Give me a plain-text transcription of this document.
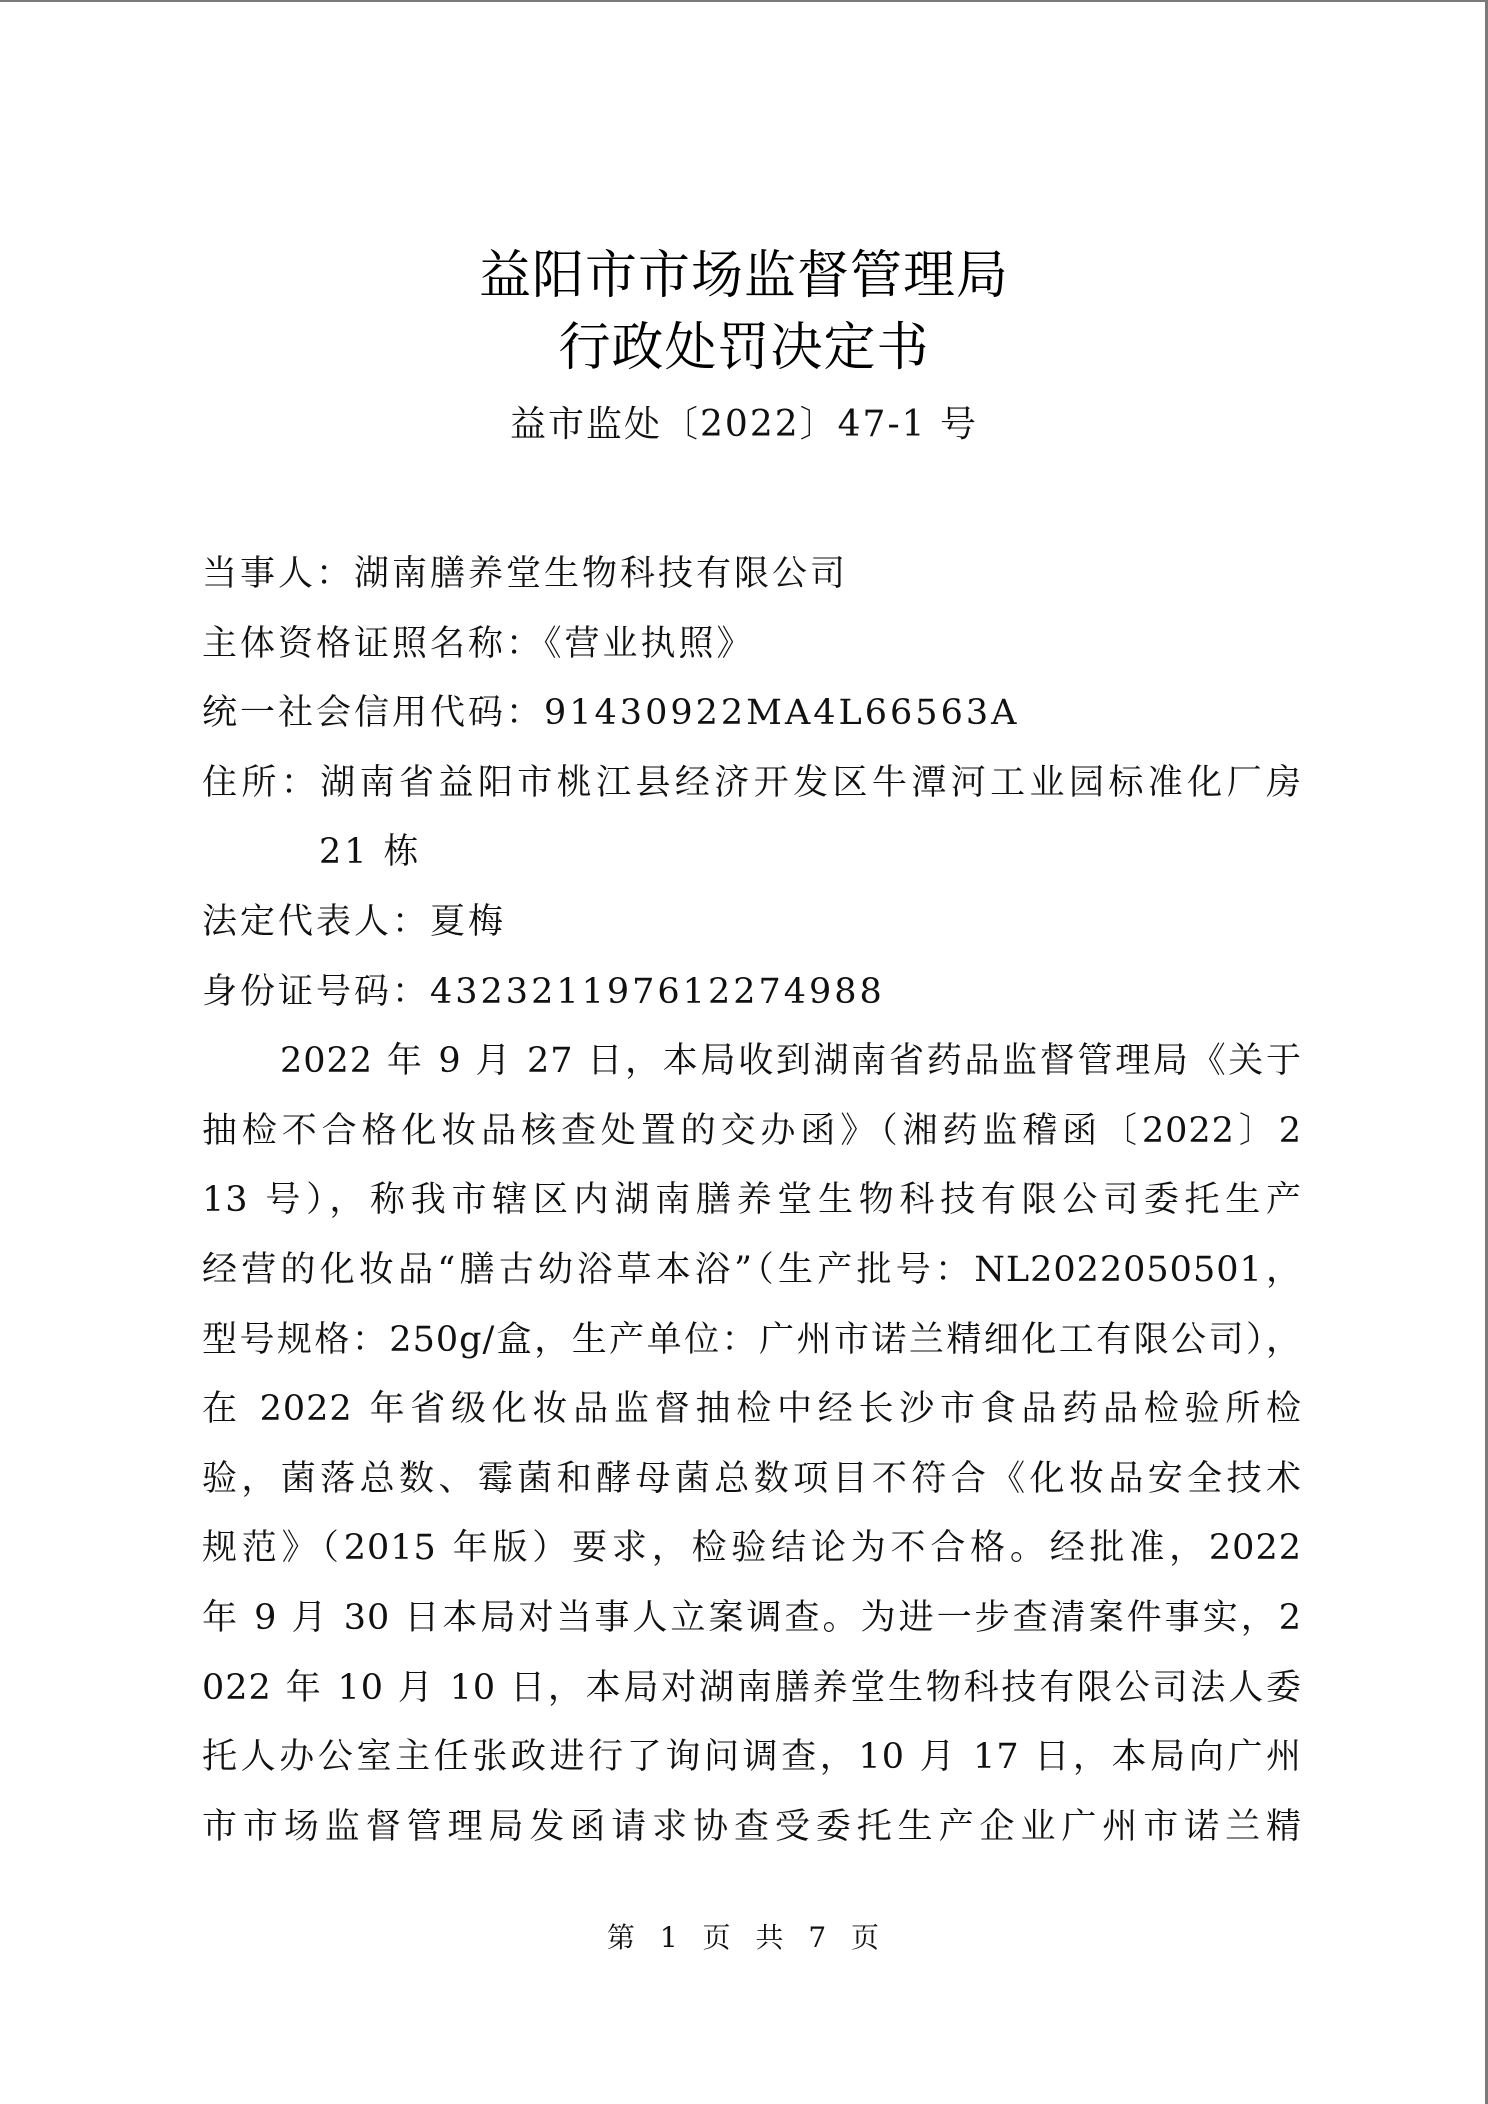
益阳市市场监督管理局
行政处罚决定书
益市监处〔2022〕47-1 号
当事人：湖南膳养堂生物科技有限公司
主体资格证照名称：《营业执照》
统一社会信用代码：91430922MA4L66563A
住所：湖南省益阳市桃江县经济开发区牛潭河工业园标准化厂房
21 栋
法定代表人：夏梅
身份证号码：432321197612274988
2022 年 9 月 27 日，本局收到湖南省药品监督管理局《关于
抽检不合格化妆品核查处置的交办函》（湘药监稽函〔2022〕2
13 号），称我市辖区内湖南膳养堂生物科技有限公司委托生产
经营的化妆品“膳古幼浴草本浴”（生产批号：NL2022050501，
型号规格：250g/盒，生产单位：广州市诺兰精细化工有限公司），
在 2022 年省级化妆品监督抽检中经长沙市食品药品检验所检
验，菌落总数、霉菌和酵母菌总数项目不符合《化妆品安全技术
规范》（2015 年版）要求，检验结论为不合格。经批准，2022
年 9 月 30 日本局对当事人立案调查。为进一步查清案件事实，2
022 年 10 月 10 日，本局对湖南膳养堂生物科技有限公司法人委
托人办公室主任张政进行了询问调查，10 月 17 日，本局向广州
市市场监督管理局发函请求协查受委托生产企业广州市诺兰精
第 1 页 共 7 页
